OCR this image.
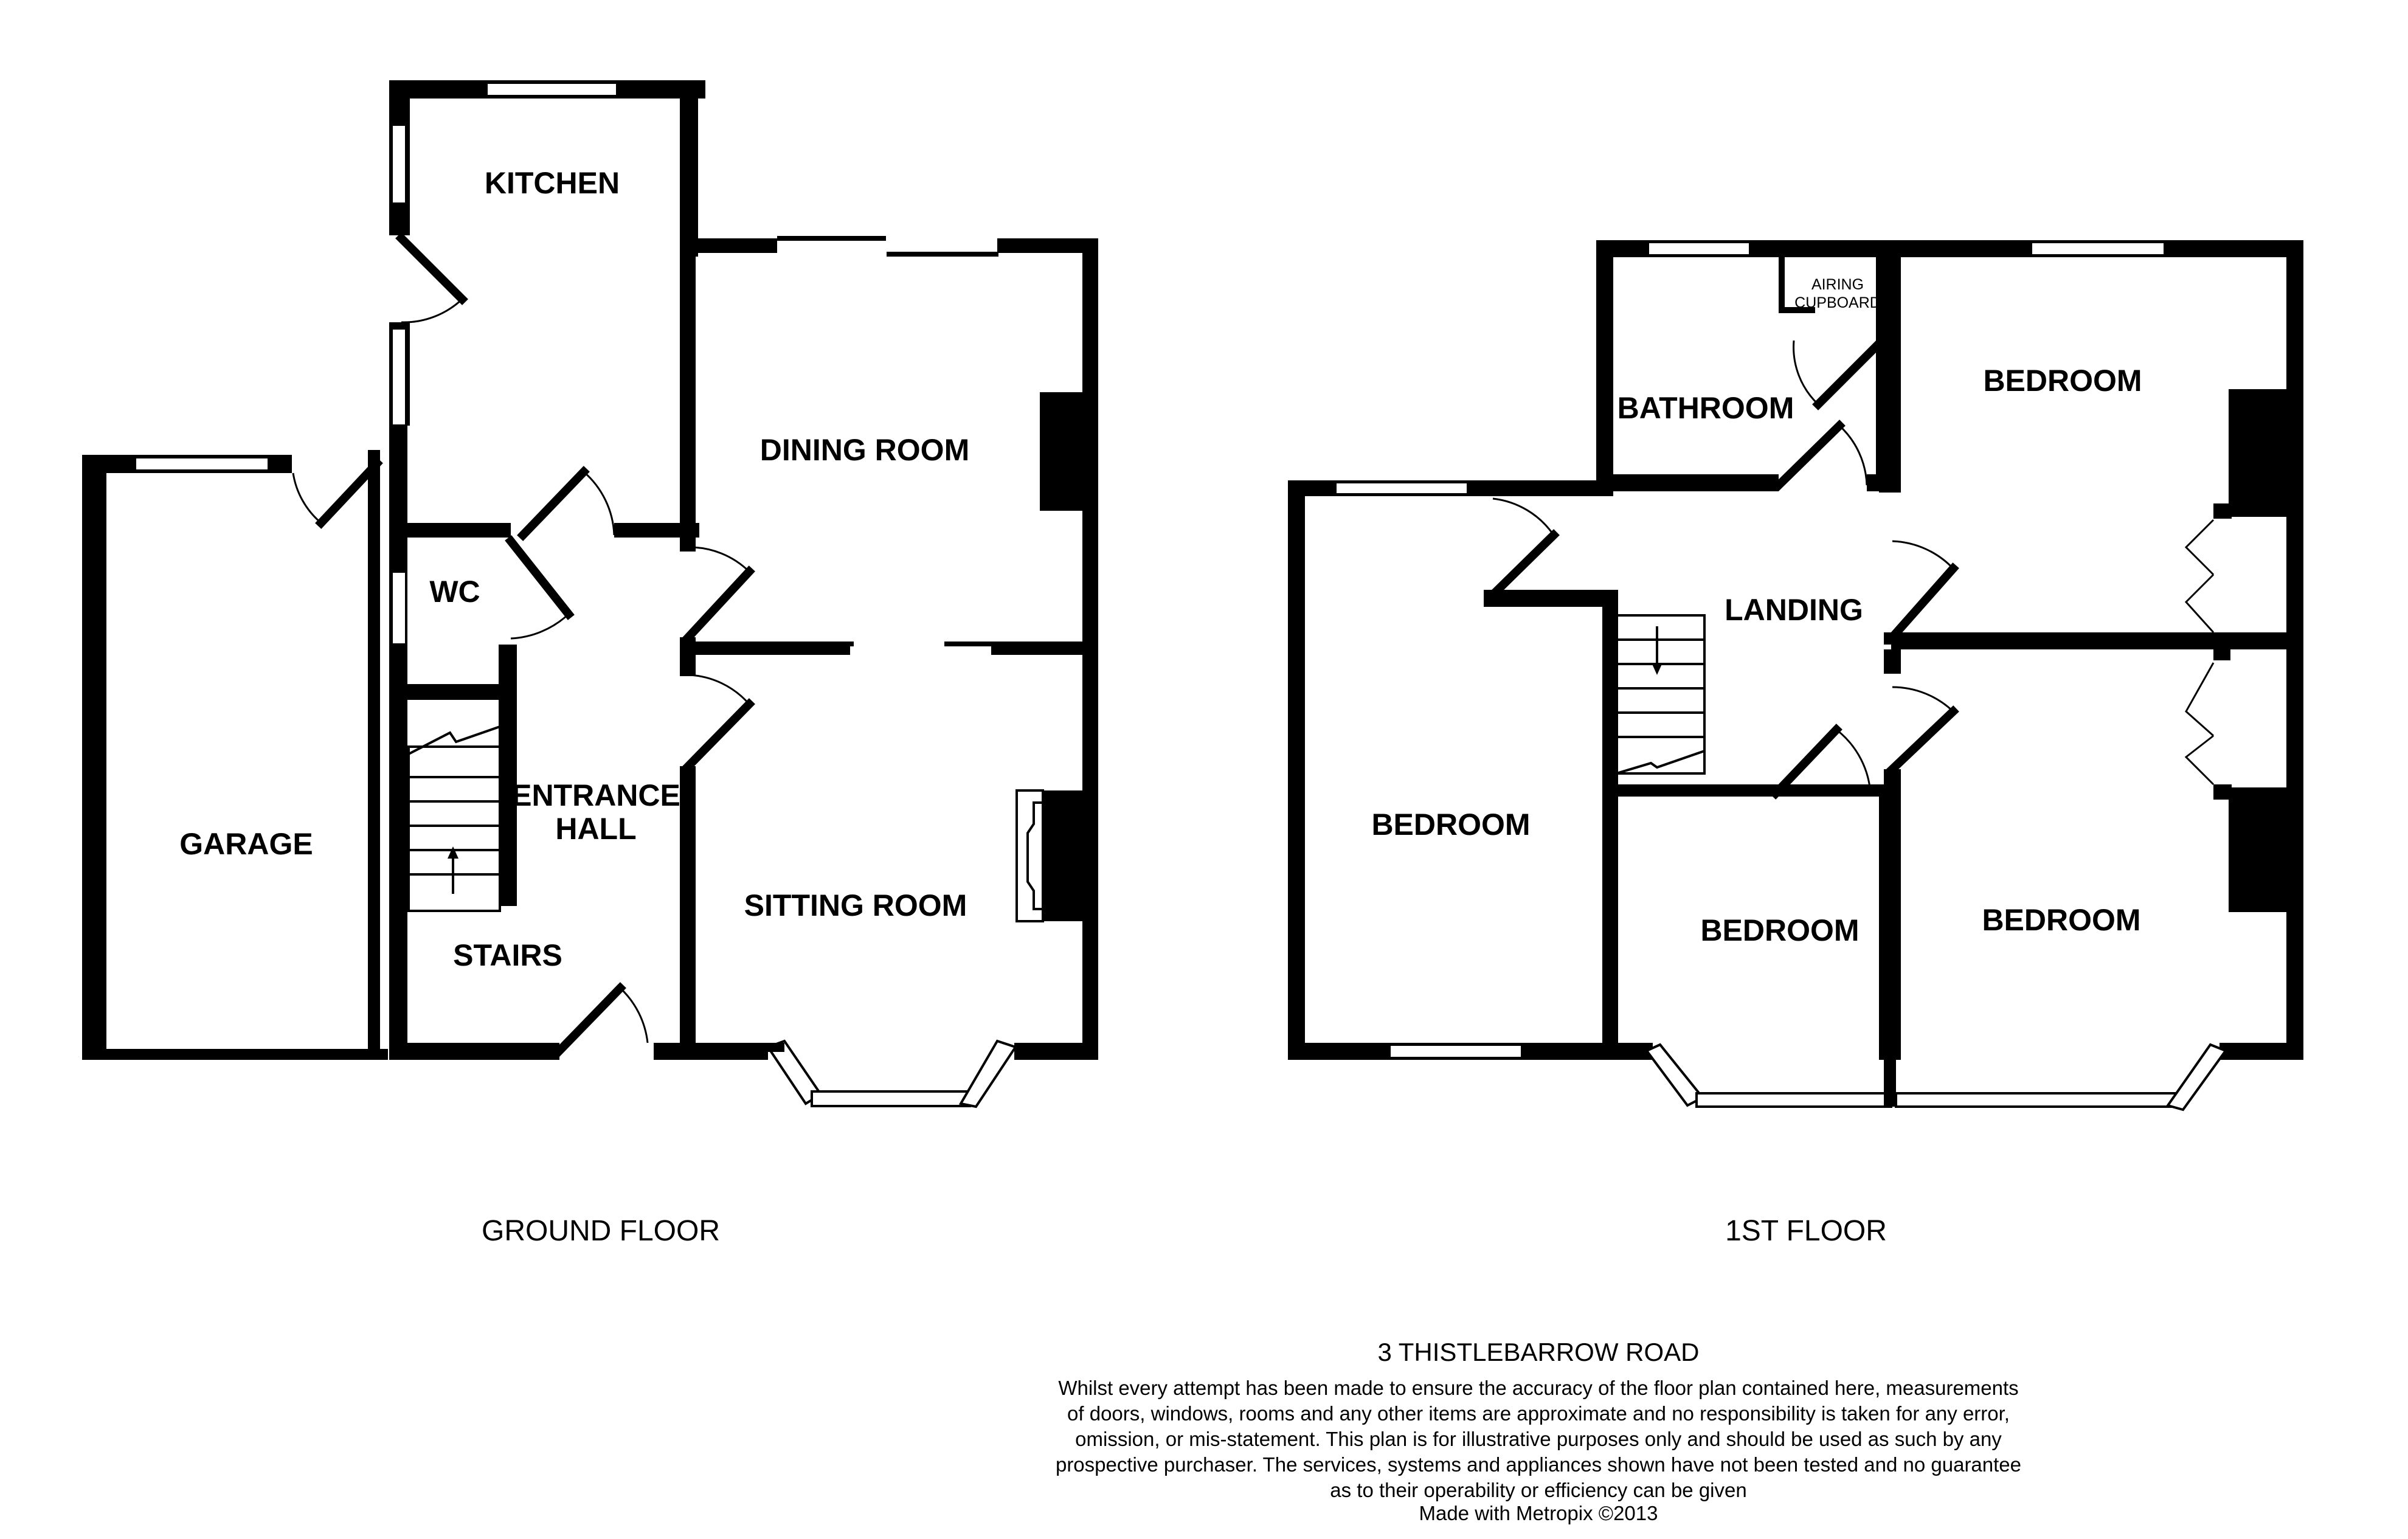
KITCHEN
DINING ROOM
WC
ENTRANCE
HALL
GARAGE
SITTING ROOM
STAIRS
AIRING
CUPBOARD
BATHROOM
BEDROOM
LANDING
BEDROOM
BEDROOM	BEDROOM
GROUND FLOOR	1ST FLOOR
3 THISTLEBARROW ROAD
Whilst every attempt has been made to ensure the accuracy of the floor plan contained here, measurements
of doors, windows, rooms and any other items are approximate and no responsibility is taken for any error,
omission, or mis-statement. This plan is for illustrative purposes only and should be used as such by any
prospective purchaser. The services, systems and appliances shown have not been tested and no guarantee
as to their operability or efficiency can be given
Made with Metropix ©2013
